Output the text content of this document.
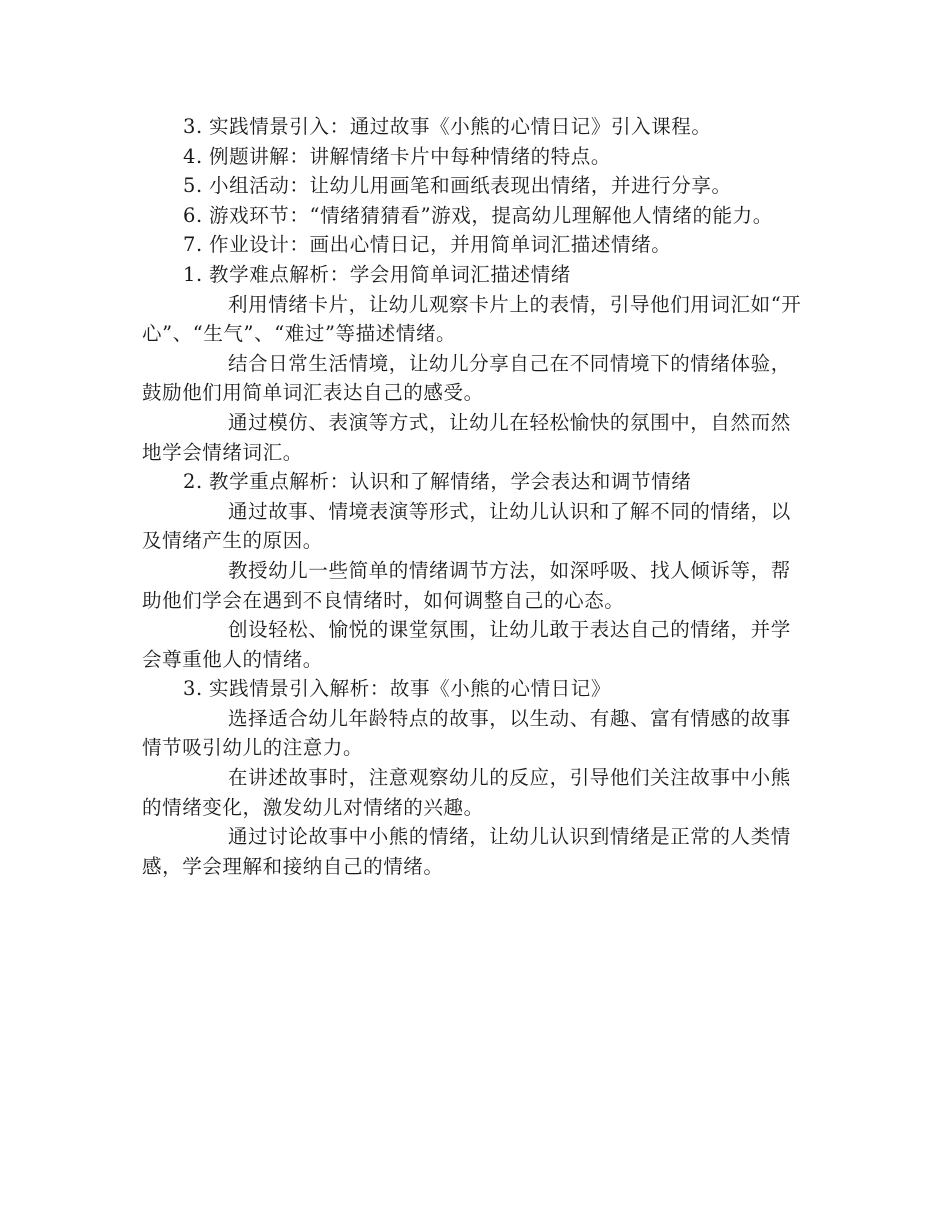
3. 实践情景引入：通过故事《小熊的心情日记》引入课程。

4. 例题讲解：讲解情绪卡片中每种情绪的特点。

5. 小组活动：让幼儿用画笔和画纸表现出情绪，并进行分享。

6. 游戏环节：“情绪猜猜看”游戏，提高幼儿理解他人情绪的能力。

7. 作业设计：画出心情日记，并用简单词汇描述情绪。

1. 教学难点解析：学会用简单词汇描述情绪

利用情绪卡片，让幼儿观察卡片上的表情，引导他们用词汇如“开心”、“生气”、“难过”等描述情绪。

结合日常生活情境，让幼儿分享自己在不同情境下的情绪体验，鼓励他们用简单词汇表达自己的感受。

通过模仿、表演等方式，让幼儿在轻松愉快的氛围中，自然而然地学会情绪词汇。

2. 教学重点解析：认识和了解情绪，学会表达和调节情绪

通过故事、情境表演等形式，让幼儿认识和了解不同的情绪，以及情绪产生的原因。

教授幼儿一些简单的情绪调节方法，如深呼吸、找人倾诉等，帮助他们学会在遇到不良情绪时，如何调整自己的心态。

创设轻松、愉悦的课堂氛围，让幼儿敢于表达自己的情绪，并学会尊重他人的情绪。

3. 实践情景引入解析：故事《小熊的心情日记》

选择适合幼儿年龄特点的故事，以生动、有趣、富有情感的故事情节吸引幼儿的注意力。

在讲述故事时，注意观察幼儿的反应，引导他们关注故事中小熊的情绪变化，激发幼儿对情绪的兴趣。

通过讨论故事中小熊的情绪，让幼儿认识到情绪是正常的人类情感，学会理解和接纳自己的情绪。
